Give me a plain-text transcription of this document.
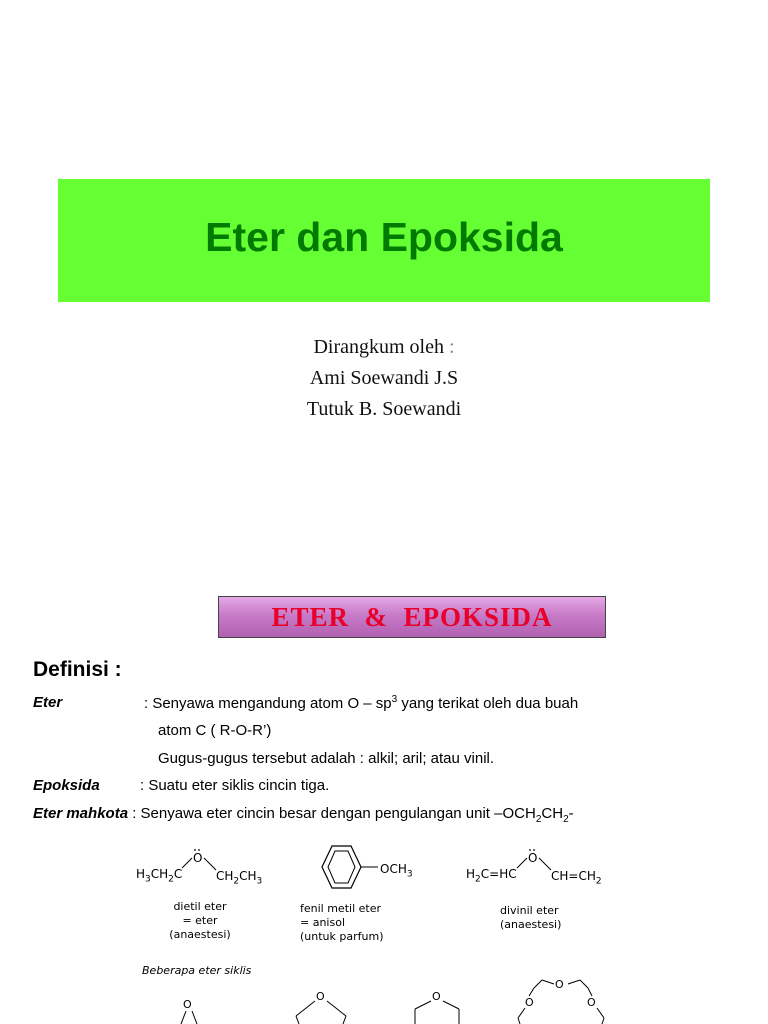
Eter dan Epoksida
Dirangkum oleh :
Ami Soewandi J.S
Tutuk B. Soewandi
ETER  &  EPOKSIDA
Definisi :
Eter	: Senyawa mengandung atom O – $sp^3$ yang terikat oleh dua buah
atom C ( R-O-R’)
Gugus-gugus tersebut adalah : alkil; aril; atau vinil.
Epoksida	: Suatu eter siklis cincin tiga.
Eter mahkota : Senyawa eter cincin besar dengan pengulangan unit $-OCH_2CH_2-$
$H_3CH_2C$
O
$CH_2CH_3$
dietil eter
= eter
(anaestesi)
$OCH_3$
fenil metil eter
= anisol
(untuk parfum)
$H_2C=HC$
O
$CH=CH_2$
divinil eter
(anaestesi)
Beberapa eter siklis
O
O	O
O
O	O
